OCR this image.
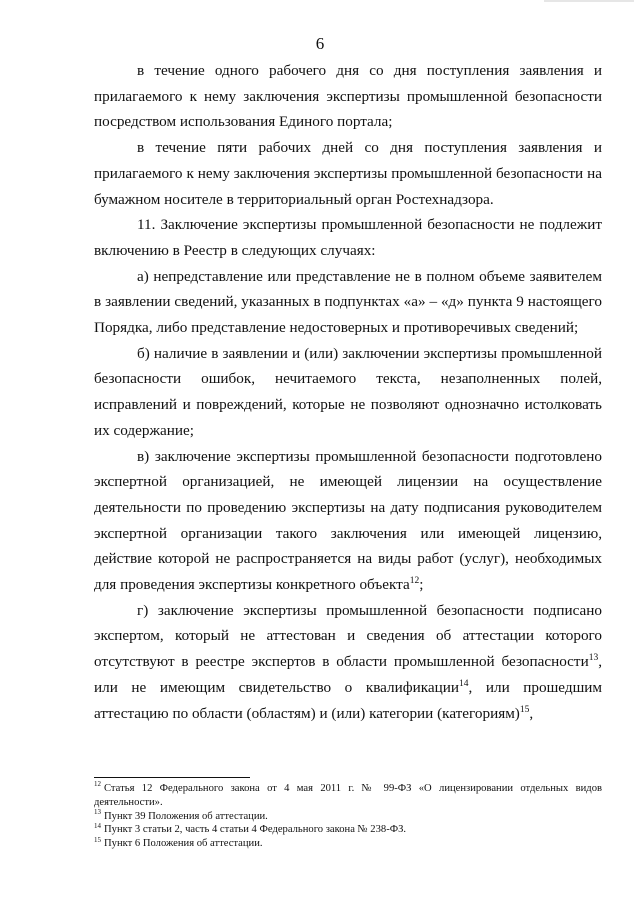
6

в течение одного рабочего дня со дня поступления заявления и прилагаемого к нему заключения экспертизы промышленной безопасности посредством использования Единого портала;

в течение пяти рабочих дней со дня поступления заявления и прилагаемого к нему заключения экспертизы промышленной безопасности на бумажном носителе в территориальный орган Ростехнадзора.

11. Заключение экспертизы промышленной безопасности не подлежит включению в Реестр в следующих случаях:

а) непредставление или представление не в полном объеме заявителем в заявлении сведений, указанных в подпунктах «а» – «д» пункта 9 настоящего Порядка, либо представление недостоверных и противоречивых сведений;

б) наличие в заявлении и (или) заключении экспертизы промышленной безопасности ошибок, нечитаемого текста, незаполненных полей, исправлений и повреждений, которые не позволяют однозначно истолковать их содержание;

в) заключение экспертизы промышленной безопасности подготовлено экспертной организацией, не имеющей лицензии на осуществление деятельности по проведению экспертизы на дату подписания руководителем экспертной организации такого заключения или имеющей лицензию, действие которой не распространяется на виды работ (услуг), необходимых для проведения экспертизы конкретного объекта$^{12}$;

г) заключение экспертизы промышленной безопасности подписано экспертом, который не аттестован и сведения об аттестации которого отсутствуют в реестре экспертов в области промышленной безопасности$^{13}$, или не имеющим свидетельство о квалификации$^{14}$, или прошедшим аттестацию по области (областям) и (или) категории (категориям)$^{15}$,

$^{12}$ Статья 12 Федерального закона от 4 мая 2011 г. № 99-ФЗ «О лицензировании отдельных видов деятельности».

$^{13}$ Пункт 39 Положения об аттестации.

$^{14}$ Пункт 3 статьи 2, часть 4 статьи 4 Федерального закона № 238-ФЗ.

$^{15}$ Пункт 6 Положения об аттестации.
